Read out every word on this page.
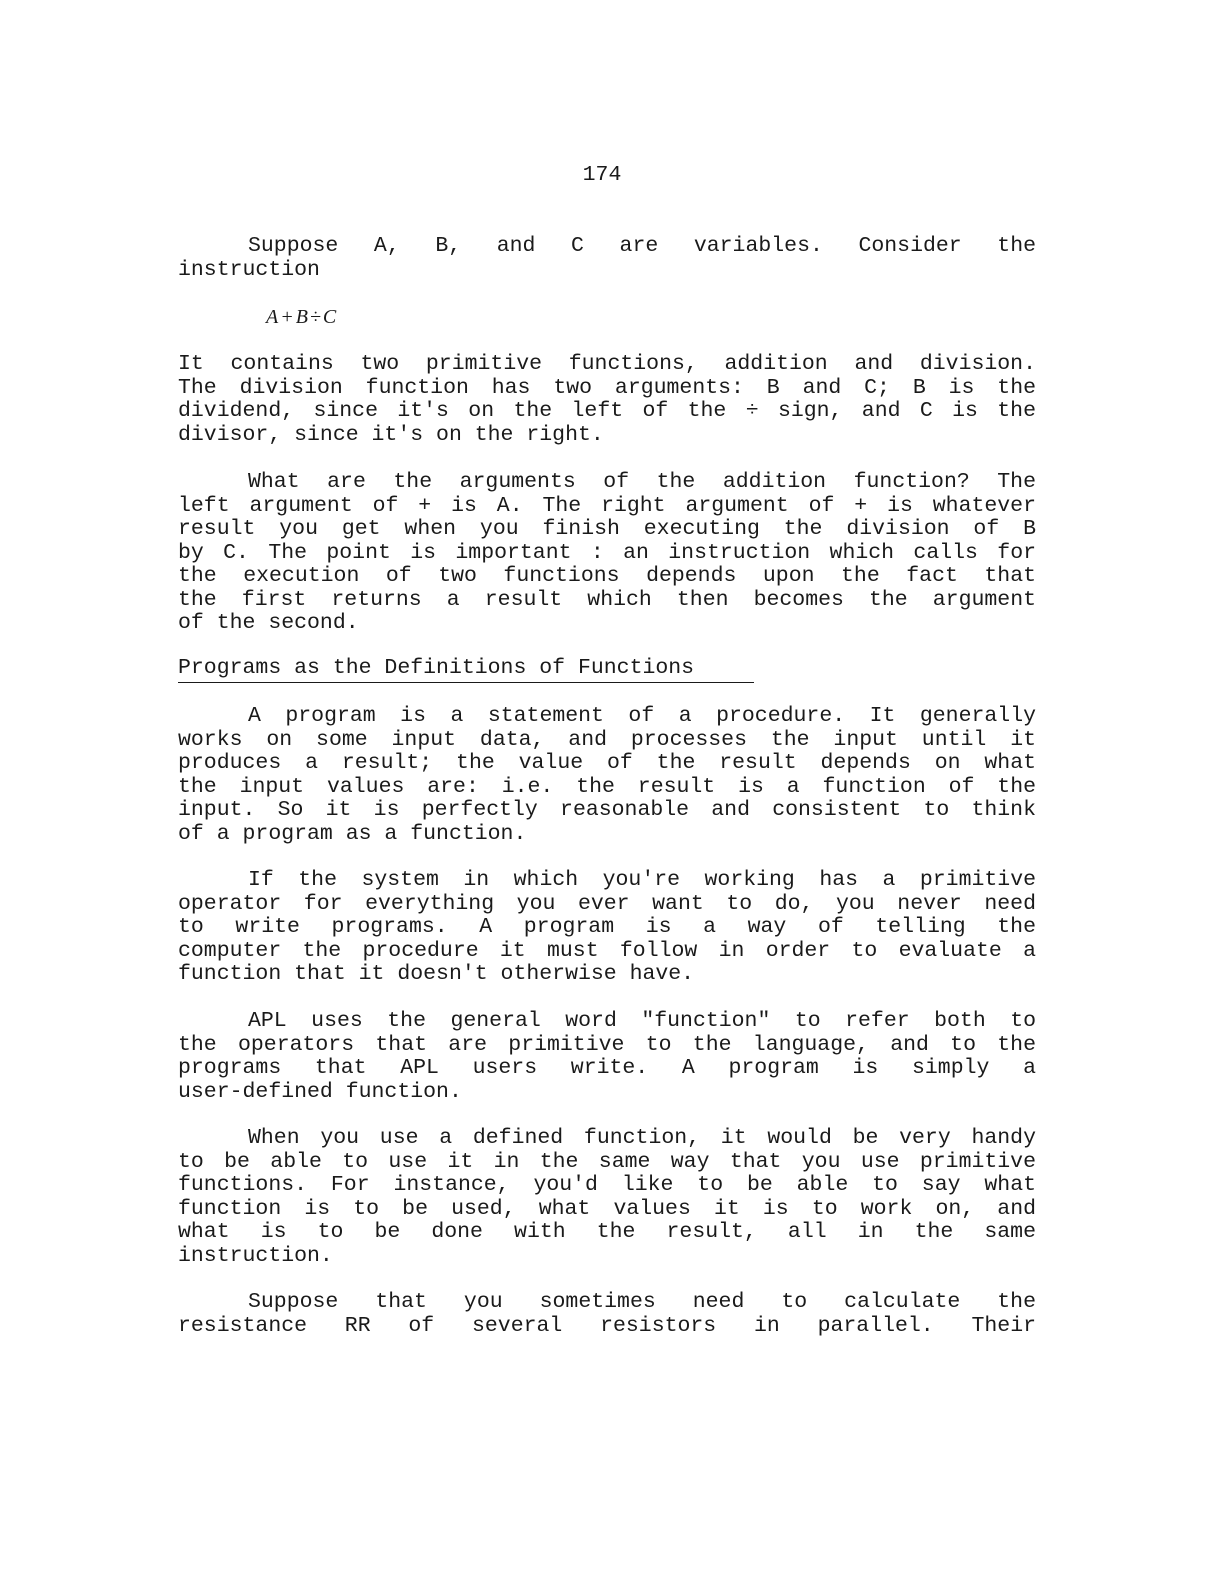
174

Suppose A, B, and C are variables. Consider the
instruction

A+B÷C

It contains two primitive functions, addition and division.
The division function has two arguments: B and C; B is the
dividend, since it's on the left of the ÷ sign, and C is the
divisor, since it's on the right.

What are the arguments of the addition function? The
left argument of + is A. The right argument of + is whatever
result you get when you finish executing the division of B
by C. The point is important : an instruction which calls for
the execution of two functions depends upon the fact that
the first returns a result which then becomes the argument
of the second.

Programs as the Definitions of Functions

A program is a statement of a procedure. It generally
works on some input data, and processes the input until it
produces a result; the value of the result depends on what
the input values are: i.e. the result is a function of the
input. So it is perfectly reasonable and consistent to think
of a program as a function.

If the system in which you're working has a primitive
operator for everything you ever want to do, you never need
to write programs. A program is a way of telling the
computer the procedure it must follow in order to evaluate a
function that it doesn't otherwise have.

APL uses the general word "function" to refer both to
the operators that are primitive to the language, and to the
programs that APL users write. A program is simply a
user-defined function.

When you use a defined function, it would be very handy
to be able to use it in the same way that you use primitive
functions. For instance, you'd like to be able to say what
function is to be used, what values it is to work on, and
what is to be done with the result, all in the same
instruction.

Suppose that you sometimes need to calculate the
resistance RR of several resistors in parallel. Their
